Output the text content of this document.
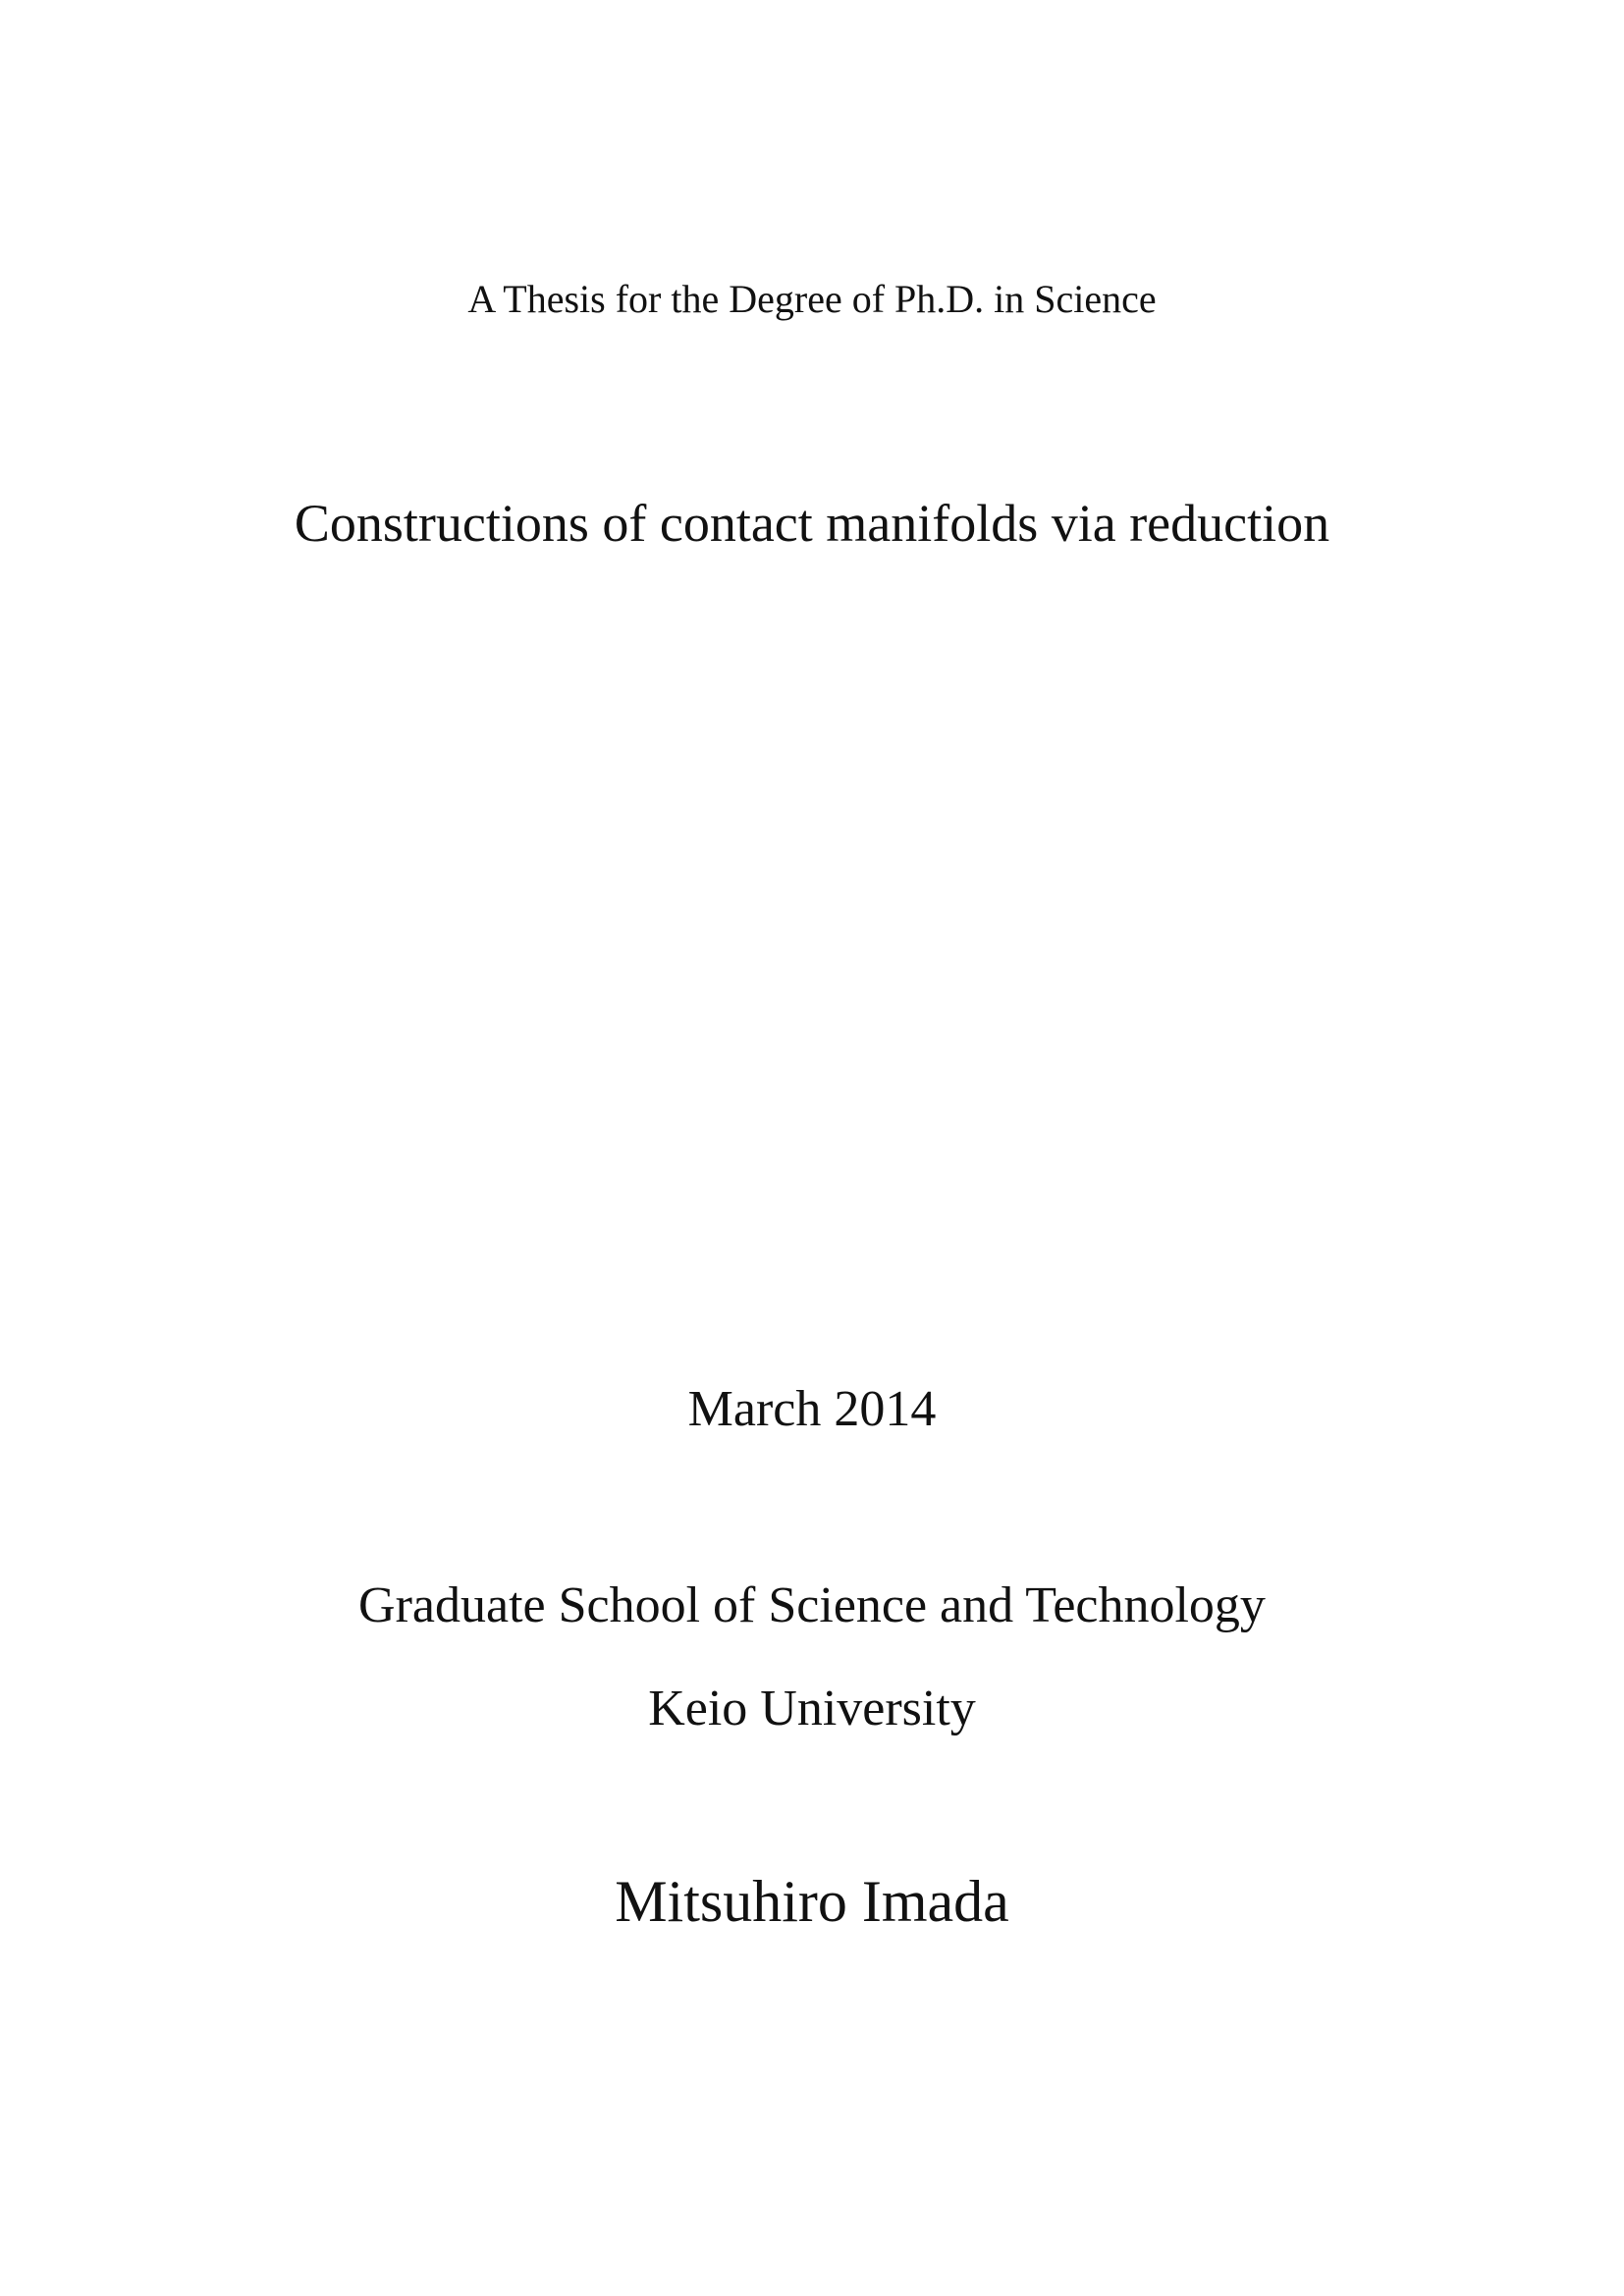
A Thesis for the Degree of Ph.D. in Science
Constructions of contact manifolds via reduction
March 2014
Graduate School of Science and Technology
Keio University
Mitsuhiro Imada
